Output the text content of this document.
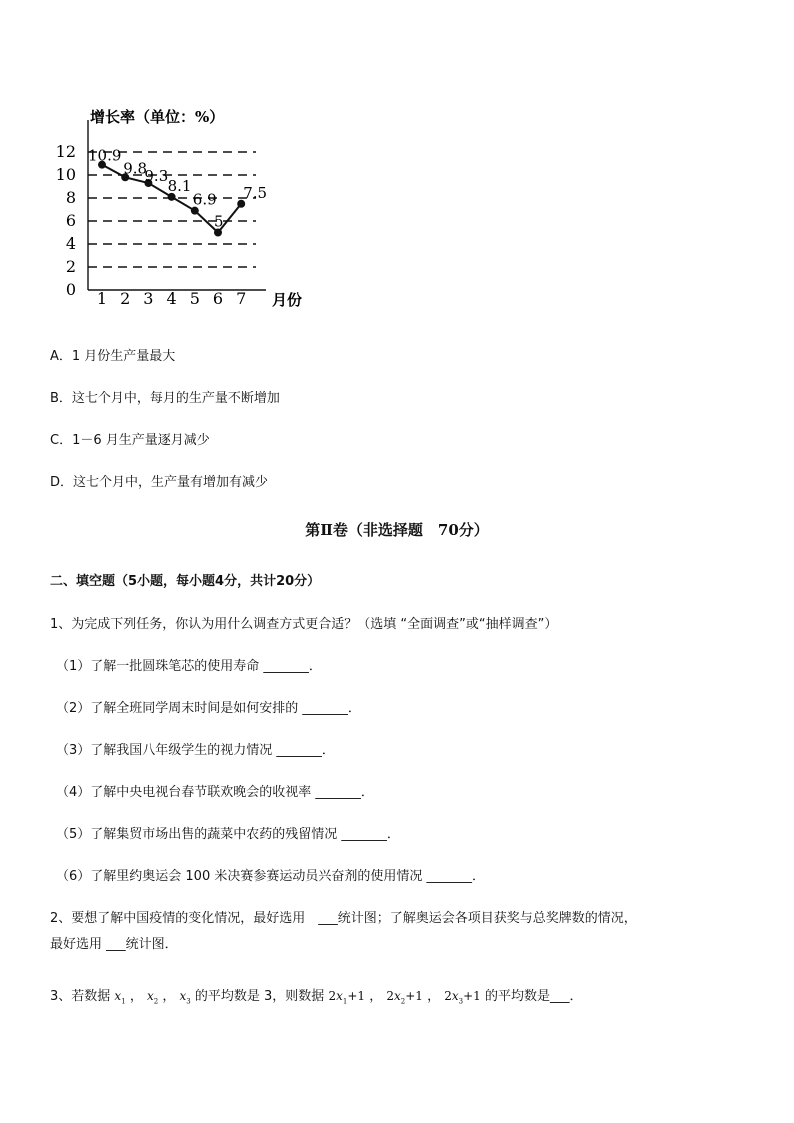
增长率（单位：%）
月份
0
2
4
6
8
10
12
1 2 3 4 5 6 7
10.9
9.8
9.3
8.1
6.9
5
7.5
A．1 月份生产量最大
B．这七个月中，每月的生产量不断增加
C．1－6 月生产量逐月减少
D．这七个月中，生产量有增加有减少
第Ⅱ卷（非选择题　70分）
二、填空题（5小题，每小题4分，共计20分）
1、为完成下列任务，你认为用什么调查方式更合适？（选填 “全面调查”或“抽样调查”）
（1）了解一批圆珠笔芯的使用寿命 _______．
（2）了解全班同学周末时间是如何安排的 _______．
（3）了解我国八年级学生的视力情况 _______．
（4）了解中央电视台春节联欢晚会的收视率 _______．
（5）了解集贸市场出售的蔬菜中农药的残留情况 _______．
（6）了解里约奥运会 100 米决赛参赛运动员兴奋剂的使用情况 _______．
2、要想了解中国疫情的变化情况，最好选用　___统计图；了解奥运会各项目获奖与总奖牌数的情况，
最好选用 ___统计图．
3、若数据 $x_1$ ， $x_2$ ， $x_3$ 的平均数是 3，则数据 $2x_1+1$ ， $2x_2+1$ ， $2x_3+1$ 的平均数是___．
